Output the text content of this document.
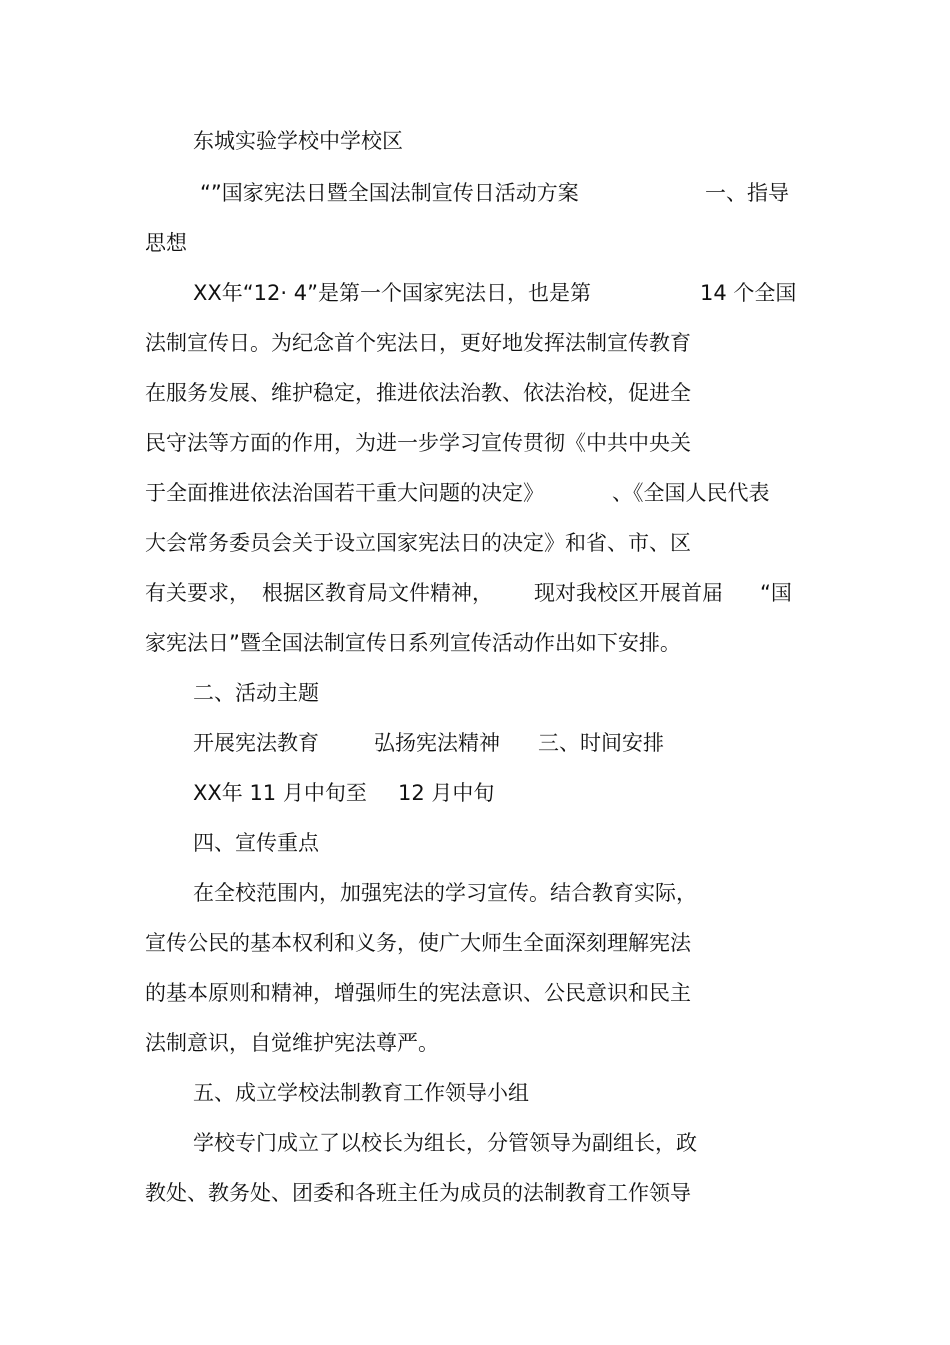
东城实验学校中学校区
“”国家宪法日暨全国法制宣传日活动方案	一、指导
思想
XX年“12· 4”是第一个国家宪法日，也是第	14 个全国
法制宣传日。为纪念首个宪法日，更好地发挥法制宣传教育
在服务发展、维护稳定，推进依法治教、依法治校，促进全
民守法等方面的作用，为进一步学习宣传贯彻《中共中央关
于全面推进依法治国若干重大问题的决定》	、《全国人民代表
大会常务委员会关于设立国家宪法日的决定》和省、市、区
有关要求， 根据区教育局文件精神， 现对我校区开展首届 “国
家宪法日”暨全国法制宣传日系列宣传活动作出如下安排。
二、活动主题
开展宪法教育	弘扬宪法精神 三、时间安排
XX年 11 月中旬至 12 月中旬
四、宣传重点
在全校范围内，加强宪法的学习宣传。结合教育实际，
宣传公民的基本权利和义务，使广大师生全面深刻理解宪法
的基本原则和精神，增强师生的宪法意识、公民意识和民主
法制意识，自觉维护宪法尊严。
五、成立学校法制教育工作领导小组
学校专门成立了以校长为组长，分管领导为副组长，政
教处、教务处、团委和各班主任为成员的法制教育工作领导
